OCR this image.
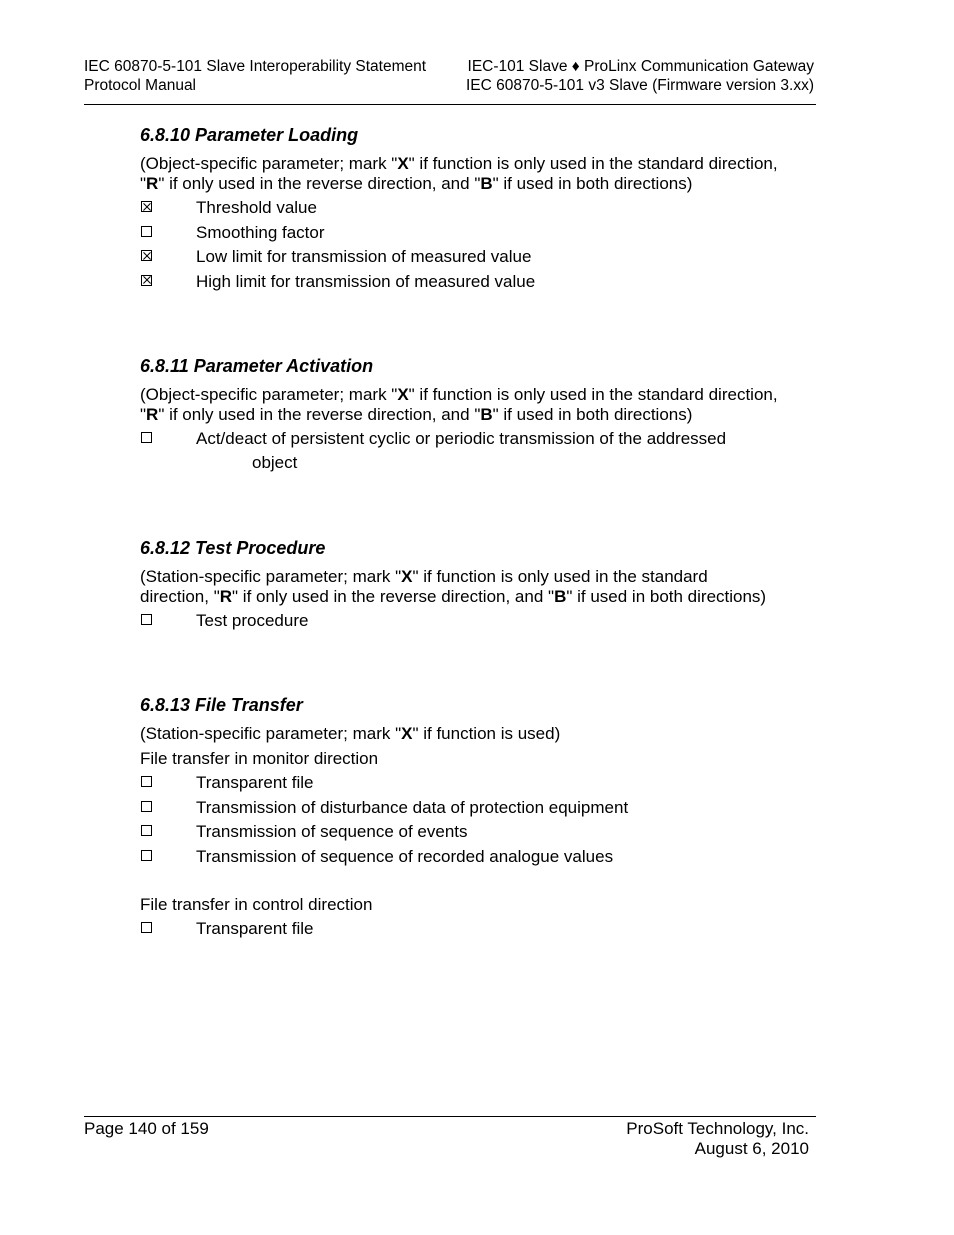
IEC 60870-5-101 Slave Interoperability Statement
Protocol Manual
IEC-101 Slave ♦ ProLinx Communication Gateway
IEC 60870-5-101 v3 Slave (Firmware version 3.xx)
6.8.10 Parameter Loading

(Object-specific parameter; mark "X" if function is only used in the standard direction, "R" if only used in the reverse direction, and "B" if used in both directions)

Threshold value
Smoothing factor
Low limit for transmission of measured value
High limit for transmission of measured value
6.8.11 Parameter Activation

(Object-specific parameter; mark "X" if function is only used in the standard direction, "R" if only used in the reverse direction, and "B" if used in both directions)

Act/deact of persistent cyclic or periodic transmission of the addressed
object
6.8.12 Test Procedure

(Station-specific parameter; mark "X" if function is only used in the standard direction, "R" if only used in the reverse direction, and "B" if used in both directions)

Test procedure
6.8.13 File Transfer

(Station-specific parameter; mark "X" if function is used)

File transfer in monitor direction
Transparent file
Transmission of disturbance data of protection equipment
Transmission of sequence of events
Transmission of sequence of recorded analogue values
File transfer in control direction
Transparent file
Page 140 of 159	ProSoft Technology, Inc.
August 6, 2010
